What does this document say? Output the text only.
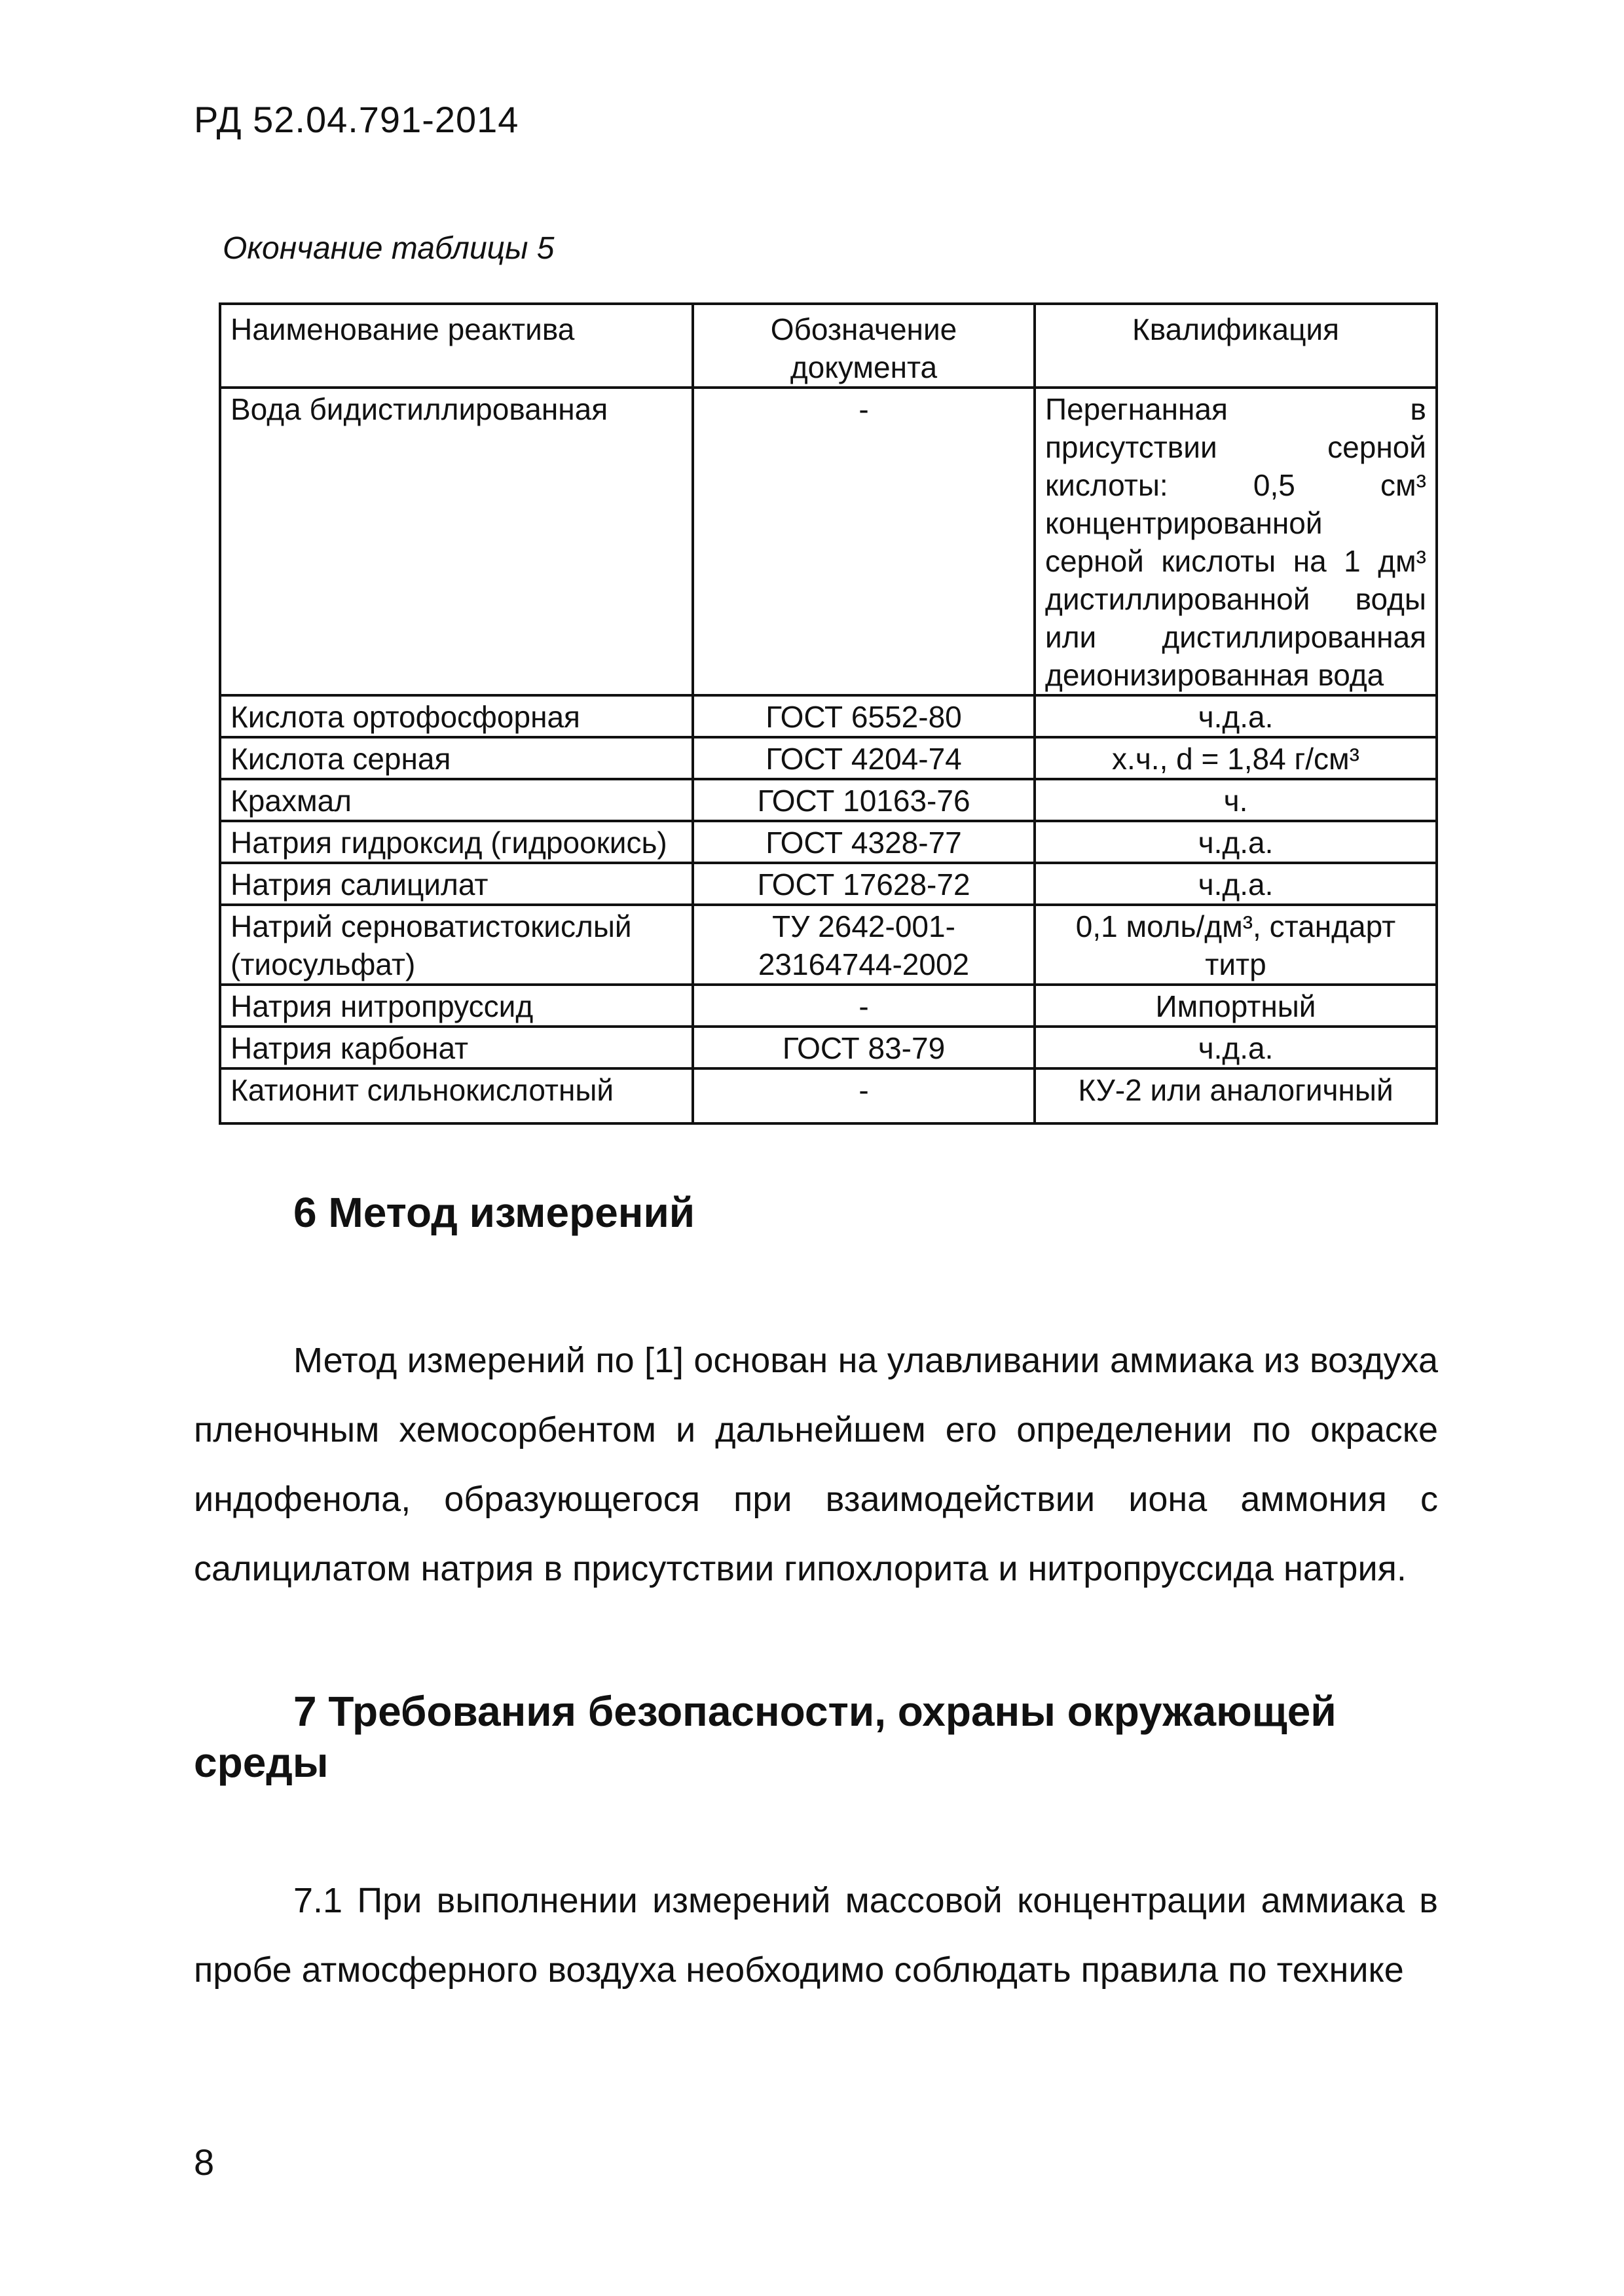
РД 52.04.791-2014
Окончание таблицы 5
Наименование реактива	Обозначение документа	Квалификация
Вода бидистиллированная	-	Перегнанная в присутствии серной кислоты: 0,5 см³ концентрированной серной кислоты на 1 дм³ дистиллированной воды или дистиллированная деионизированная вода
Кислота ортофосфорная	ГОСТ 6552-80	ч.д.а.
Кислота серная	ГОСТ 4204-74	х.ч., d = 1,84 г/см³
Крахмал	ГОСТ 10163-76	ч.
Натрия гидроксид (гидроокись)	ГОСТ 4328-77	ч.д.а.
Натрия салицилат	ГОСТ 17628-72	ч.д.а.
Натрий серноватистокислый (тиосульфат)	ТУ 2642-001-23164744-2002	0,1 моль/дм³, стандарт титр
Натрия нитропруссид	-	Импортный
Натрия карбонат	ГОСТ 83-79	ч.д.а.
Катионит сильнокислотный	-	КУ-2 или аналогичный
6 Метод измерений
Метод измерений по [1] основан на улавливании аммиака из воздуха пленочным хемосорбентом и дальнейшем его определении по окраске индофенола, образующегося при взаимодействии иона аммония с салицилатом натрия в присутствии гипохлорита и нитропруссида натрия.
7 Требования безопасности, охраны окружающей среды
7.1 При выполнении измерений массовой концентрации аммиака в пробе атмосферного воздуха необходимо соблюдать правила по технике
8
